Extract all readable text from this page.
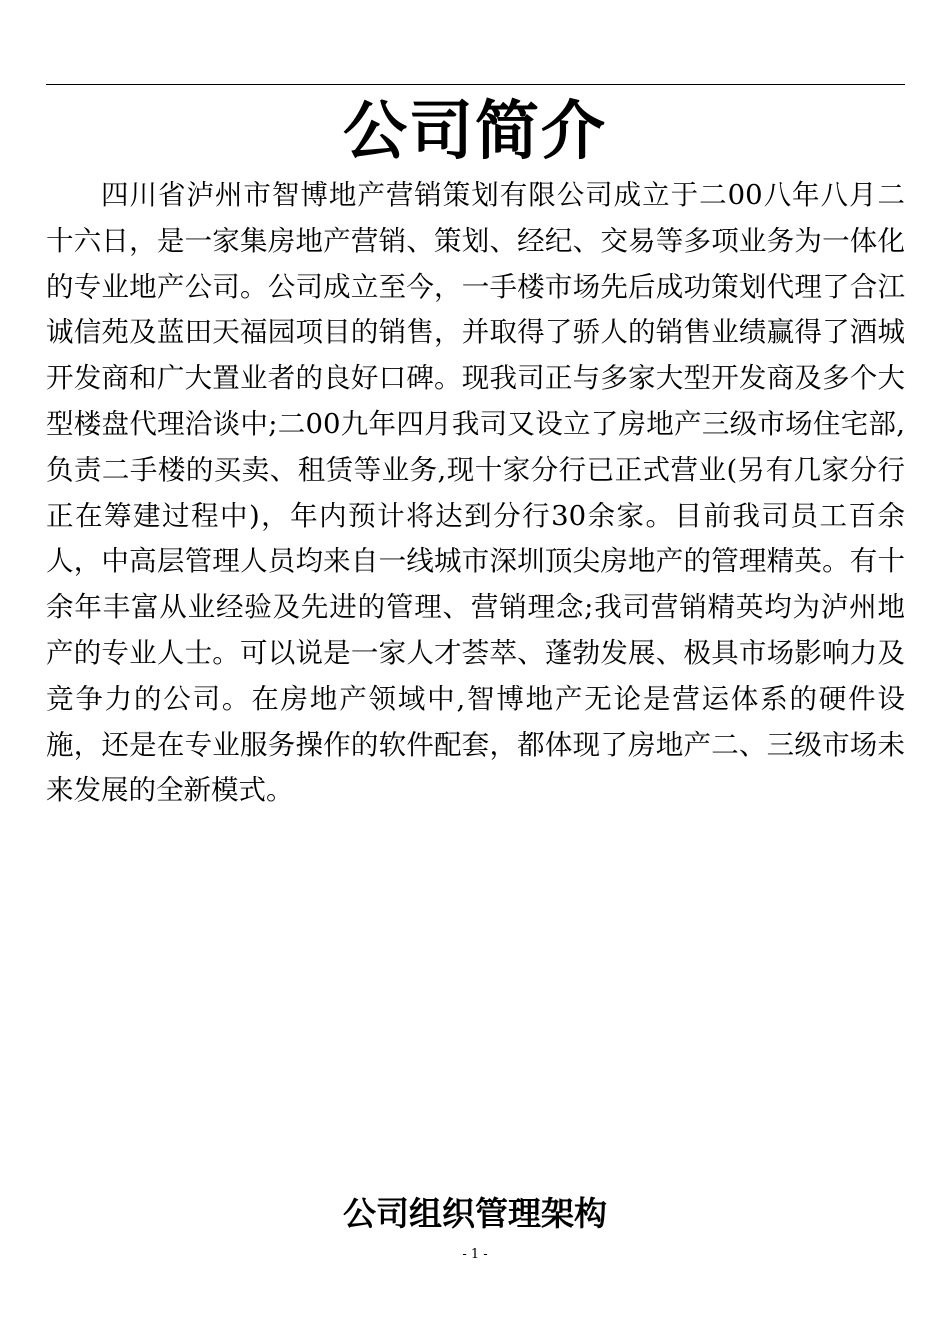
公司简介

四川省泸州市智博地产营销策划有限公司成立于二00八年八月二十六日，是一家集房地产营销、策划、经纪、交易等多项业务为一体化的专业地产公司。公司成立至今，一手楼市场先后成功策划代理了合江诚信苑及蓝田天福园项目的销售，并取得了骄人的销售业绩赢得了酒城开发商和广大置业者的良好口碑。现我司正与多家大型开发商及多个大型楼盘代理洽谈中;二00九年四月我司又设立了房地产三级市场住宅部,负责二手楼的买卖、租赁等业务,现十家分行已正式营业(另有几家分行正在筹建过程中)，年内预计将达到分行30余家。目前我司员工百余人，中高层管理人员均来自一线城市深圳顶尖房地产的管理精英。有十余年丰富从业经验及先进的管理、营销理念;我司营销精英均为泸州地产的专业人士。可以说是一家人才荟萃、蓬勃发展、极具市场影响力及竞争力的公司。在房地产领域中,智博地产无论是营运体系的硬件设施，还是在专业服务操作的软件配套，都体现了房地产二、三级市场未来发展的全新模式。

公司组织管理架构
- 1 -
